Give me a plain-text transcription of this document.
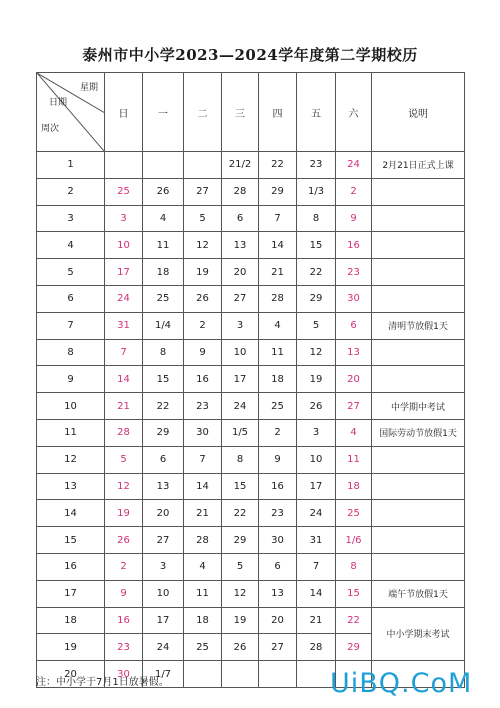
泰州市中小学2023—2024学年度第二学期校历
星期
日期
周次	日	一	二	三	四	五	六	说明
1				21/2	22	23	24	2月21日正式上课
2	25	26	27	28	29	1/3	2	
3	3	4	5	6	7	8	9	
4	10	11	12	13	14	15	16	
5	17	18	19	20	21	22	23	
6	24	25	26	27	28	29	30	
7	31	1/4	2	3	4	5	6	清明节放假1天
8	7	8	9	10	11	12	13	
9	14	15	16	17	18	19	20	
10	21	22	23	24	25	26	27	中学期中考试
11	28	29	30	1/5	2	3	4	国际劳动节放假1天
12	5	6	7	8	9	10	11	
13	12	13	14	15	16	17	18	
14	19	20	21	22	23	24	25	
15	26	27	28	29	30	31	1/6	
16	2	3	4	5	6	7	8	
17	9	10	11	12	13	14	15	端午节放假1天
18	16	17	18	19	20	21	22	中小学期末考试
19	23	24	25	26	27	28	29	
20	30	1/7						
注：中小学于7月1日放暑假。	UiBQ.CoM
